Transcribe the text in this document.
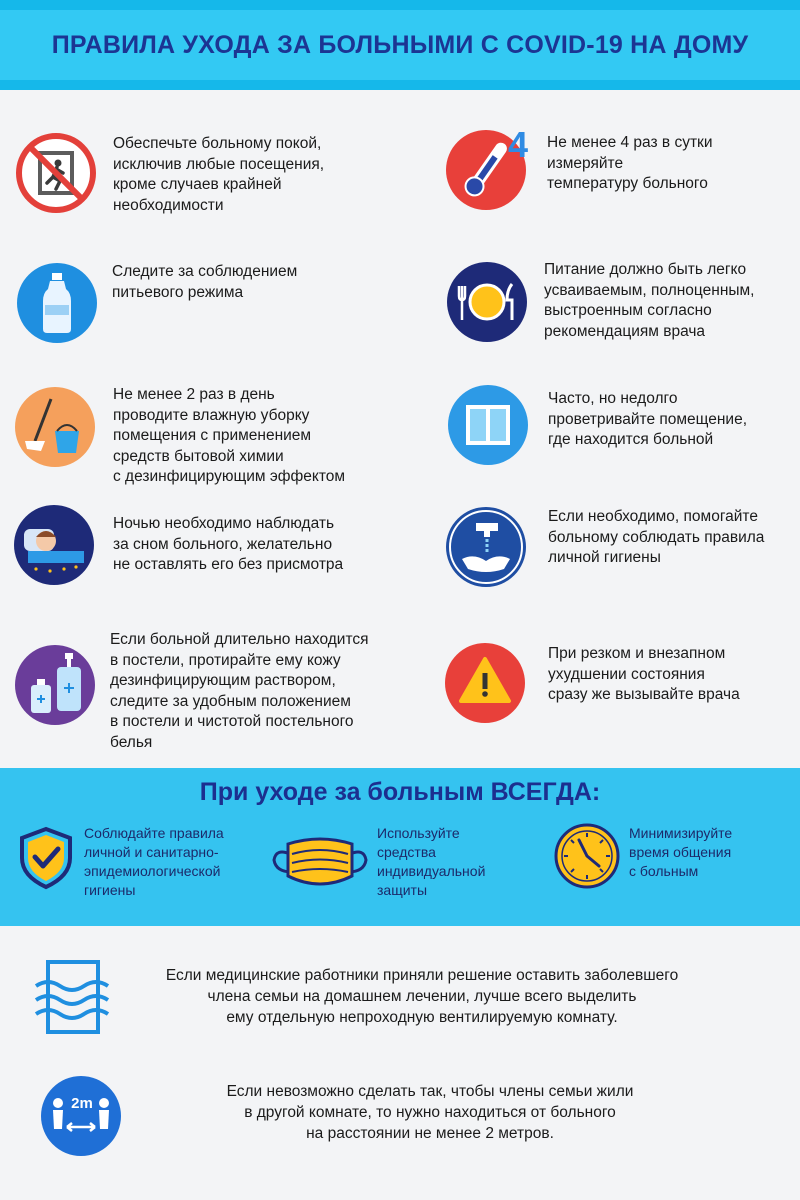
ПРАВИЛА УХОДА ЗА БОЛЬНЫМИ С COVID-19 НА ДОМУ
Обеспечьте больному покой,
исключив любые посещения,
кроме случаев крайней
необходимости
4 Не менее 4 раз в сутки
измеряйте
температуру больного
Следите за соблюдением
питьевого режима
Питание должно быть легко
усваиваемым, полноценным,
выстроенным согласно
рекомендациям врача
Не менее 2 раз в день
проводите влажную уборку
помещения с применением
средств бытовой химии
с дезинфицирующим эффектом
Часто, но недолго
проветривайте помещение,
где находится больной
Ночью необходимо наблюдать
за сном больного, желательно
не оставлять его без присмотра
Если необходимо, помогайте
больному соблюдать правила
личной гигиены
Если больной длительно находится
в постели, протирайте ему кожу
дезинфицирующим раствором,
следите за удобным положением
в постели и чистотой постельного
белья
При резком и внезапном
ухудшении состояния
сразу же вызывайте врача
При уходе за больным ВСЕГДА:
Соблюдайте правила
личной и санитарно-
эпидемиологической
гигиены
Используйте
средства
индивидуальной
защиты
Минимизируйте
время общения
с больным
Если медицинские работники приняли решение оставить заболевшего
члена семьи на домашнем лечении, лучше всего выделить
ему отдельную непроходную вентилируемую комнату.
2m
Если невозможно сделать так, чтобы члены семьи жили
в другой комнате, то нужно находиться от больного
на расстоянии не менее 2 метров.
